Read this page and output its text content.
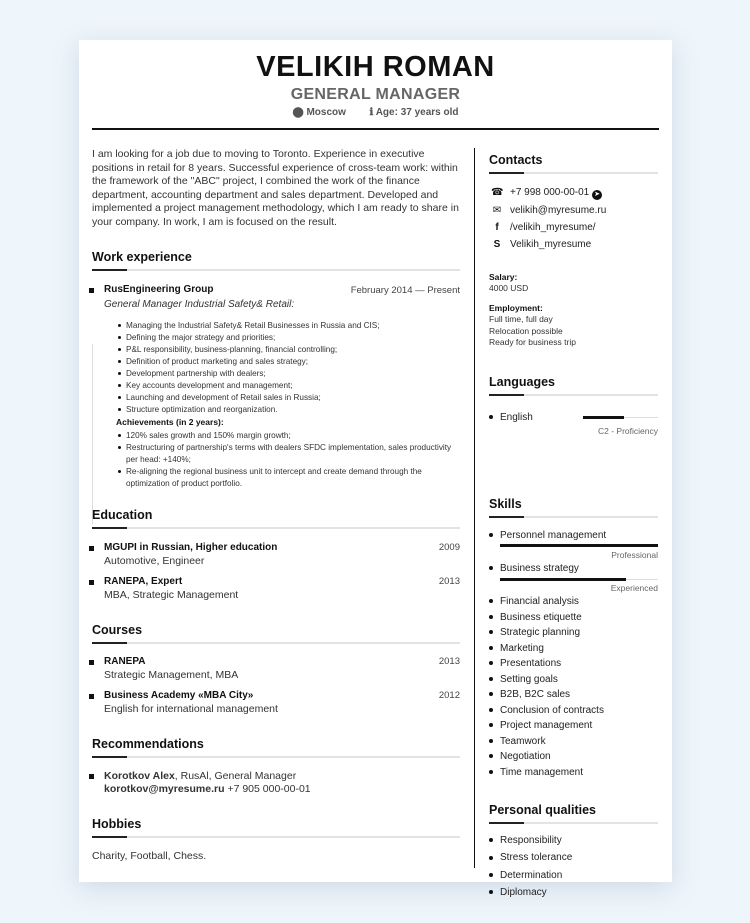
VELIKIH ROMAN
GENERAL MANAGER
⬤ Moscow ℹ Age: 37 years old

I am looking for a job due to moving to Toronto. Experience in executive positions in retail for 8 years. Successful experience of cross-team work: within the framework of the "ABC" project, I combined the work of the finance department, accounting department and sales department. Developed and implemented a project management methodology, which I am ready to share in your company. In work, I am is focused on the result.

Work experience
RusEngineering Group	February 2014 — Present
General Manager Industrial Safety& Retail:
Managing the Industrial Safety& Retail Businesses in Russia and CIS;
Defining the major strategy and priorities;
P&L responsibility, business-planning, financial controlling;
Definition of product marketing and sales strategy;
Development partnership with dealers;
Key accounts development and management;
Launching and development of Retail sales in Russia;
Structure optimization and reorganization.
Achievements (in 2 years):
120% sales growth and 150% margin growth;
Restructuring of partnership's terms with dealers SFDC implementation, sales productivity per head: +140%;
Re-aligning the regional business unit to intercept and create demand through the optimization of product portfolio.
Education
MGUPI in Russian, Higher education	2009
Automotive, Engineer
RANEPA, Expert	2013
MBA, Strategic Management
Courses
RANEPA	2013
Strategic Management, MBA
Business Academy «MBA City»	2012
English for international management
Recommendations
Korotkov Alex, RusAl, General Manager
korotkov@myresume.ru +7 905 000-00-01
Hobbies
Charity, Football, Chess.
Contacts
☎ +7 998 000-00-01 ➤
✉ velikih@myresume.ru
f /velikih_myresume/
S Velikih_myresume
Salary:
4000 USD
Employment:
Full time, full day
Relocation possible
Ready for business trip
Languages
English
C2 - Proficiency
Skills
Personnel management
Professional
Business strategy
Experienced
Financial analysis
Business etiquette
Strategic planning
Marketing
Presentations
Setting goals
B2B, B2C sales
Conclusion of contracts
Project management
Teamwork
Negotiation
Time management
Personal qualities
Responsibility
Stress tolerance
Determination
Diplomacy
